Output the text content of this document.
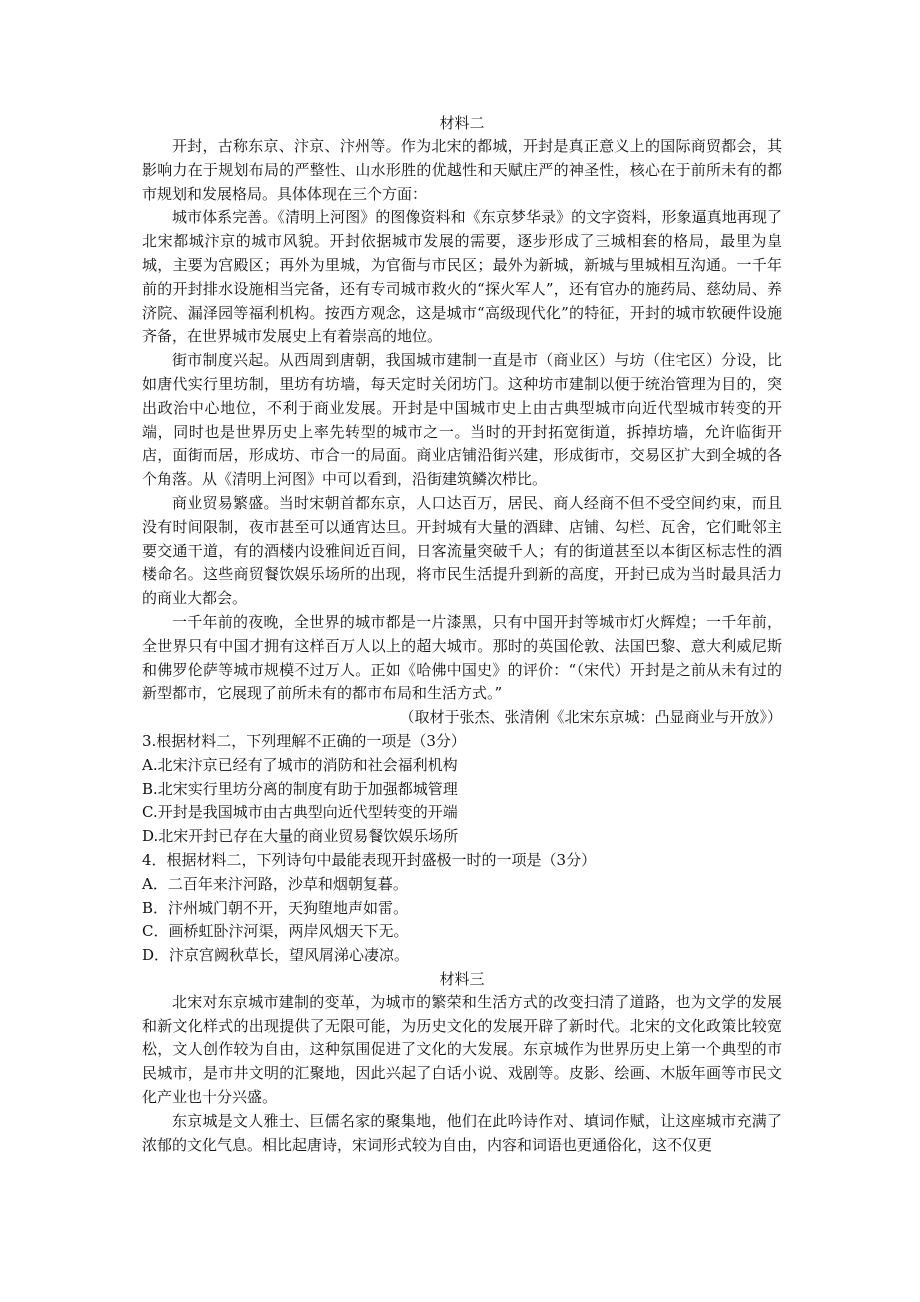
材料二

开封，古称东京、汴京、汴州等。作为北宋的都城，开封是真正意义上的国际商贸都会，其影响力在于规划布局的严整性、山水形胜的优越性和天赋庄严的神圣性，核心在于前所未有的都市规划和发展格局。具体体现在三个方面：

城市体系完善。《清明上河图》的图像资料和《东京梦华录》的文字资料，形象逼真地再现了北宋都城汴京的城市风貌。开封依据城市发展的需要，逐步形成了三城相套的格局，最里为皇城，主要为宫殿区；再外为里城，为官衙与市民区；最外为新城，新城与里城相互沟通。一千年前的开封排水设施相当完备，还有专司城市救火的“探火军人”，还有官办的施药局、慈幼局、养济院、漏泽园等福利机构。按西方观念，这是城市“高级现代化”的特征，开封的城市软硬件设施齐备，在世界城市发展史上有着崇高的地位。

街市制度兴起。从西周到唐朝，我国城市建制一直是市（商业区）与坊（住宅区）分设，比如唐代实行里坊制，里坊有坊墙，每天定时关闭坊门。这种坊市建制以便于统治管理为目的，突出政治中心地位，不利于商业发展。开封是中国城市史上由古典型城市向近代型城市转变的开端，同时也是世界历史上率先转型的城市之一。当时的开封拓宽街道，拆掉坊墙，允许临街开店，面街而居，形成坊、市合一的局面。商业店铺沿街兴建，形成街市，交易区扩大到全城的各个角落。从《清明上河图》中可以看到，沿街建筑鳞次栉比。

商业贸易繁盛。当时宋朝首都东京，人口达百万，居民、商人经商不但不受空间约束，而且没有时间限制，夜市甚至可以通宵达旦。开封城有大量的酒肆、店铺、勾栏、瓦舍，它们毗邻主要交通干道，有的酒楼内设雅间近百间，日客流量突破千人；有的街道甚至以本街区标志性的酒楼命名。这些商贸餐饮娱乐场所的出现，将市民生活提升到新的高度，开封已成为当时最具活力的商业大都会。

一千年前的夜晚，全世界的城市都是一片漆黑，只有中国开封等城市灯火辉煌；一千年前，全世界只有中国才拥有这样百万人以上的超大城市。那时的英国伦敦、法国巴黎、意大利威尼斯和佛罗伦萨等城市规模不过万人。正如《哈佛中国史》的评价：“（宋代）开封是之前从未有过的新型都市，它展现了前所未有的都市布局和生活方式。”

（取材于张杰、张清俐《北宋东京城：凸显商业与开放》）

3.根据材料二，下列理解不正确的一项是（3分）

A.北宋汴京已经有了城市的消防和社会福利机构

B.北宋实行里坊分离的制度有助于加强都城管理

C.开封是我国城市由古典型向近代型转变的开端

D.北宋开封已存在大量的商业贸易餐饮娱乐场所

4．根据材料二，下列诗句中最能表现开封盛极一时的一项是（3分）

A．二百年来汴河路，沙草和烟朝复暮。

B．汴州城门朝不开，天狗堕地声如雷。

C．画桥虹卧汴河渠，两岸风烟天下无。

D．汴京宫阙秋草长，望风屑涕心凄凉。

材料三

北宋对东京城市建制的变革，为城市的繁荣和生活方式的改变扫清了道路，也为文学的发展和新文化样式的出现提供了无限可能，为历史文化的发展开辟了新时代。北宋的文化政策比较宽松，文人创作较为自由，这种氛围促进了文化的大发展。东京城作为世界历史上第一个典型的市民城市，是市井文明的汇聚地，因此兴起了白话小说、戏剧等。皮影、绘画、木版年画等市民文化产业也十分兴盛。

东京城是文人雅士、巨儒名家的聚集地，他们在此吟诗作对、填词作赋，让这座城市充满了浓郁的文化气息。相比起唐诗，宋词形式较为自由，内容和词语也更通俗化，这不仅更
